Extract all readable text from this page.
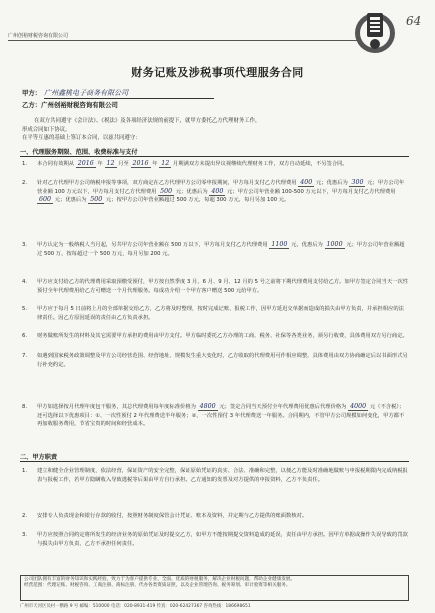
广州创裕财税咨询有限公司
64
财务记账及涉税事项代理服务合同
甲方： 广州鑫桃电子商务有限公司
乙方：广州创裕财税咨询有限公司
在双方共同遵守《会计法》、《税法》及各项经济法规的前提下，就甲方委托乙方代理财务工作，
形成合同如下协议。
在平等互惠的基础上签订本合同，以兹共同遵守：
一、代理服务期限、范围、收费标准与支付
1.	本合同有效期从 2016 年 12 月至 2016 年 12 月期满双方未提出异议视继续代理财务工作，双方自动延续，不另签合同。
2.	针对乙方代理甲方公司纳税申报等事项，双方商定在乙方代理甲方公司零申报期间，甲方每月支付乙方代理费用 400 元；优惠后为 300 元；甲方公司年营业额 100 万元以下，甲方每月支付乙方代理费用 500 元；优惠后为 400 元；甲方公司年营业额 100-500 万元以下，甲方每月支付乙方代理费用 600 元；优惠后为 500 元；按甲方公司年营业额超过 500 万元，每超 300 万元，每月另加 100 元。
3.	甲方认定为一般纳税人当月起，另共甲方公司年营业额在 500 万以下，甲方每月支付乙方代理费用 1100 元，优惠后为 1000 元；甲方公司年营业额超过 500 万，按每超过一个 500 万元，每月另加 200 元。
4.	甲方应支付给乙方的代理费用采取预缴受预付，甲方按自然季度 3 月、6 月、9 月、12 月的 5 号之前将下期代理费用支付给乙方。如甲方签定合同当天一次性预付全年代理费用给乙方可赠送一个月代理服务。每成功介绍一个甲方客户赠送 500 元给甲方。
5.	甲方应于每月 5 日前将上月的全部单据交给乙方，乙方将及时整理，按时完成记账、报税工作，因甲方延迟交单据而造成的损失由甲方负责，并承担相应的法律责任。因乙方原因延误的责任由乙方负责承担。
6.	财务做账所发生的材料及其它需要甲方承担的费用由甲方支付。甲方临时委托乙方办理的工商、税务、社保等各类业务，须另行收费，具体费用双方另行商定。
7.	如遇到国家税务政策调整及甲方公司经营范围、经营地址、规模发生重大变化时，乙方收取的代理费用可作相应调整，具体费用由双方协商确定后以书面形式另行补充约定。
8.	甲方如选择按月代理年度包干服务，其总代理费用每年度标准价格为 4800 元；签定合同当天预付全年代理费用优惠后代理价格为 4000 元（不含税）；还可选择以下优惠项目：①、一次性预付 2 年代理费送半年服务；②、一次性预付 3 年代理费送一年服务。合同期内，不管甲方公司规模如何变化，甲方都不再加收服务费用，节省宝贵的时间和经营成本。
二、甲方职责
1.	建立和健全企业管理制度，依法经营，保证资产的安全完整，保证原始凭证的真实、合法、准确和完整，以便乙方能及时准确地做账与申报税期限内完成纳税报表与报税工作，若甲方隐瞒收入导致逃税等后果由甲方自行承担。乙方通知的发票及对方提供的申报资料，乙方不负责任。
2.	安排专人负责现金和银行存款的收付，按照财务制度保管会计凭证、账本及资料，并定期与乙方提供的账面数核对。
3.	甲方应按照合同约定将所发生的经济业务的原始凭证及时提交乙方，如甲方不能按期提交资料造成的延误，责任由甲方承担。因甲方单据或操作失误导致的罚款与损失由甲方负责，乙方不承担任何责任。
公司团队拥有丰富的财务知识和实践经验，致力于为客户提供专业、全面、优质的财税服务，解决企业财税问题，帮助企业健康发展。
经营范围：代理记账、财税咨询、工商注册、商标注册、代办各类资质证照，以及企业管理咨询、税务筹划、审计验资等相关服务。
广州市天河区员村一横路 9 号 邮编：510000 电话：020-8931-419 传真：020-62427367 咨询热线：186698651
